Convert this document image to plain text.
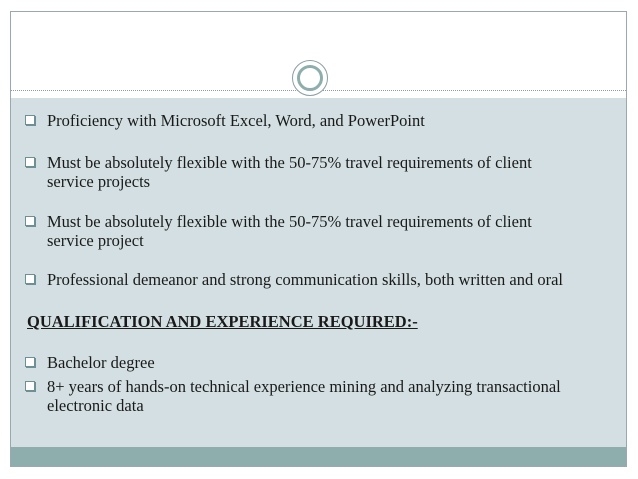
Proficiency with Microsoft Excel, Word, and PowerPoint
Must be absolutely flexible with the 50-75% travel requirements of client
service projects
Must be absolutely flexible with the 50-75% travel requirements of client
service project
Professional demeanor and strong communication skills, both written and oral
QUALIFICATION AND EXPERIENCE REQUIRED:-
Bachelor degree
8+ years of hands-on technical experience mining and analyzing transactional
electronic data
